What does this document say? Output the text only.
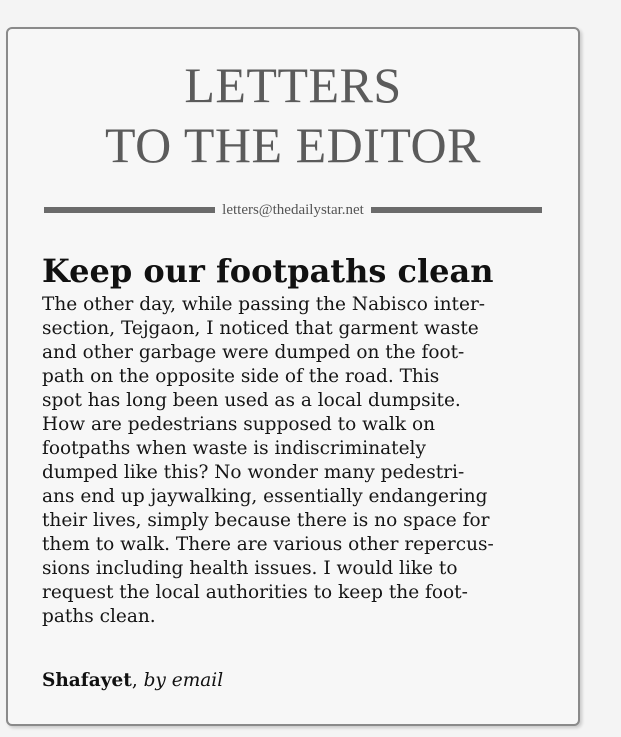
LETTERS
TO THE EDITOR
letters@thedailystar.net
Keep our footpaths clean
The other day, while passing the Nabisco inter-
section, Tejgaon, I noticed that garment waste
and other garbage were dumped on the foot-
path on the opposite side of the road. This
spot has long been used as a local dumpsite.
How are pedestrians supposed to walk on
footpaths when waste is indiscriminately
dumped like this? No wonder many pedestri-
ans end up jaywalking, essentially endangering
their lives, simply because there is no space for
them to walk. There are various other repercus-
sions including health issues. I would like to
request the local authorities to keep the foot-
paths clean.
Shafayet, by email
